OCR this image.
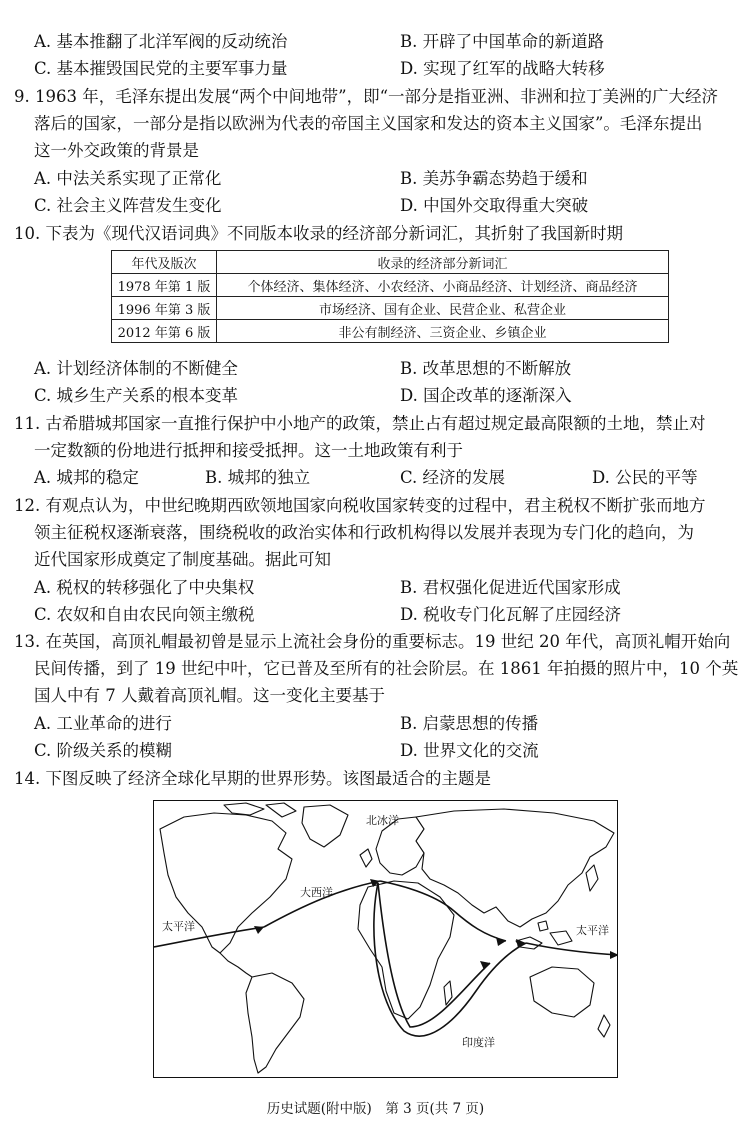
A. 基本推翻了北洋军阀的反动统治	B. 开辟了中国革命的新道路
C. 基本摧毁国民党的主要军事力量	D. 实现了红军的战略大转移
9. 1963 年，毛泽东提出发展“两个中间地带”，即“一部分是指亚洲、非洲和拉丁美洲的广大经济
落后的国家，一部分是指以欧洲为代表的帝国主义国家和发达的资本主义国家”。毛泽东提出
这一外交政策的背景是
A. 中法关系实现了正常化	B. 美苏争霸态势趋于缓和
C. 社会主义阵营发生变化	D. 中国外交取得重大突破
10. 下表为《现代汉语词典》不同版本收录的经济部分新词汇，其折射了我国新时期
年代及版次	收录的经济部分新词汇
1978 年第 1 版	个体经济、集体经济、小农经济、小商品经济、计划经济、商品经济
1996 年第 3 版	市场经济、国有企业、民营企业、私营企业
2012 年第 6 版	非公有制经济、三资企业、乡镇企业
A. 计划经济体制的不断健全	B. 改革思想的不断解放
C. 城乡生产关系的根本变革	D. 国企改革的逐渐深入
11. 古希腊城邦国家一直推行保护中小地产的政策，禁止占有超过规定最高限额的土地，禁止对
一定数额的份地进行抵押和接受抵押。这一土地政策有利于
A. 城邦的稳定	B. 城邦的独立	C. 经济的发展	D. 公民的平等
12. 有观点认为，中世纪晚期西欧领地国家向税收国家转变的过程中，君主税权不断扩张而地方
领主征税权逐渐衰落，围绕税收的政治实体和行政机构得以发展并表现为专门化的趋向，为
近代国家形成奠定了制度基础。据此可知
A. 税权的转移强化了中央集权	B. 君权强化促进近代国家形成
C. 农奴和自由农民向领主缴税	D. 税收专门化瓦解了庄园经济
13. 在英国，高顶礼帽最初曾是显示上流社会身份的重要标志。19 世纪 20 年代，高顶礼帽开始向
民间传播，到了 19 世纪中叶，它已普及至所有的社会阶层。在 1861 年拍摄的照片中，10 个英
国人中有 7 人戴着高顶礼帽。这一变化主要基于
A. 工业革命的进行	B. 启蒙思想的传播
C. 阶级关系的模糊	D. 世界文化的交流
14. 下图反映了经济全球化早期的世界形势。该图最适合的主题是
北冰洋
大西洋
太平洋	太平洋
印度洋
历史试题(附中版)　第 3 页(共 7 页)
